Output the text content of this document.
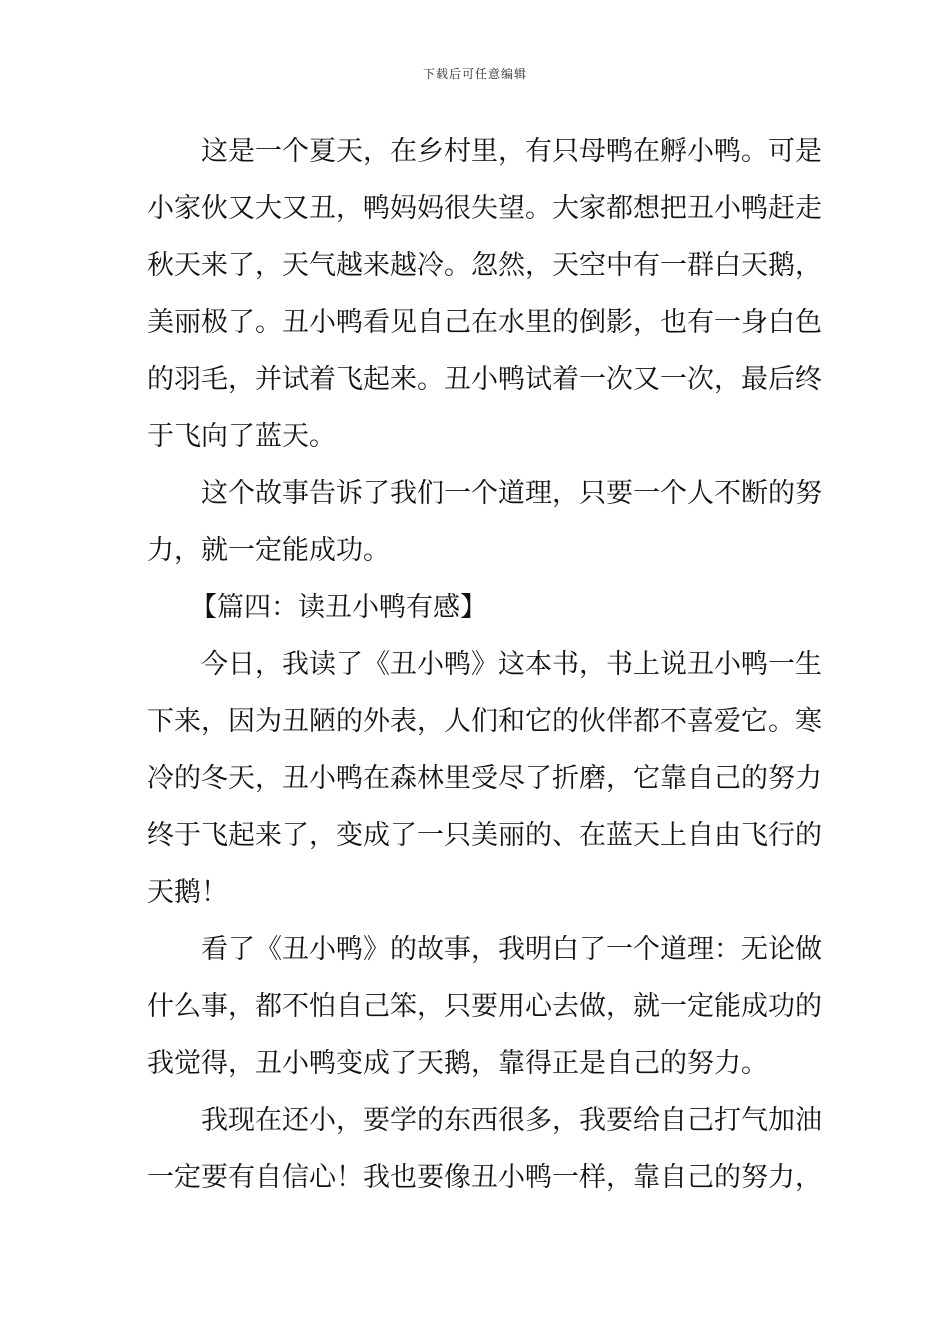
下载后可任意编辑
这是一个夏天，在乡村里，有只母鸭在孵小鸭。可是
小家伙又大又丑，鸭妈妈很失望。大家都想把丑小鸭赶走
秋天来了，天气越来越冷。忽然，天空中有一群白天鹅，
美丽极了。丑小鸭看见自己在水里的倒影，也有一身白色
的羽毛，并试着飞起来。丑小鸭试着一次又一次，最后终
于飞向了蓝天。
这个故事告诉了我们一个道理，只要一个人不断的努
力，就一定能成功。
【篇四：读丑小鸭有感】
今日，我读了《丑小鸭》这本书，书上说丑小鸭一生
下来，因为丑陋的外表，人们和它的伙伴都不喜爱它。寒
冷的冬天，丑小鸭在森林里受尽了折磨，它靠自己的努力
终于飞起来了，变成了一只美丽的、在蓝天上自由飞行的
天鹅！
看了《丑小鸭》的故事，我明白了一个道理：无论做
什么事，都不怕自己笨，只要用心去做，就一定能成功的
我觉得，丑小鸭变成了天鹅，靠得正是自己的努力。
我现在还小，要学的东西很多，我要给自己打气加油
一定要有自信心！我也要像丑小鸭一样，靠自己的努力，
